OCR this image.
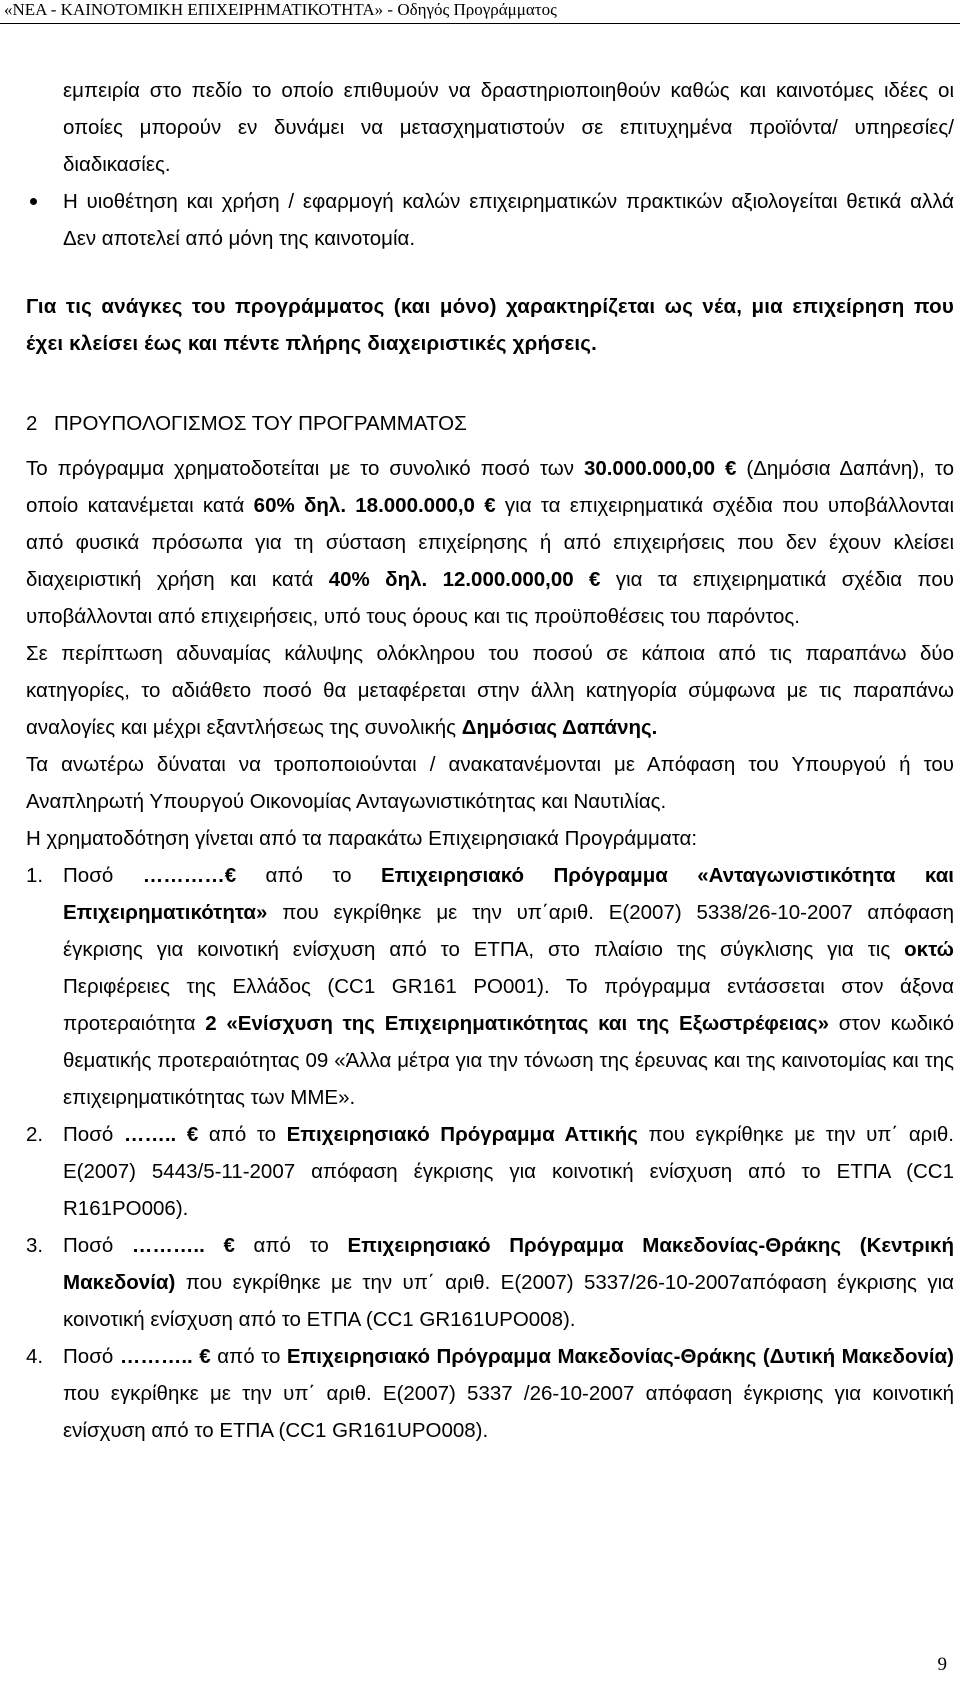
«ΝΕΑ - ΚΑΙΝΟΤΟΜΙΚΗ ΕΠΙΧΕΙΡΗΜΑΤΙΚΟΤΗΤΑ» - Οδηγός Προγράμματος

εμπειρία στο πεδίο το οποίο επιθυμούν να δραστηριοποιηθούν καθώς και καινοτόμες ιδέες οι οποίες μπορούν εν δυνάμει να μετασχηματιστούν σε επιτυχημένα προϊόντα/ υπηρεσίες/διαδικασίες.

Η υιοθέτηση και χρήση / εφαρμογή καλών επιχειρηματικών πρακτικών αξιολογείται θετικά αλλά Δεν αποτελεί από μόνη της καινοτομία.

Για τις ανάγκες του προγράμματος (και μόνο) χαρακτηρίζεται ως νέα, μια επιχείρηση που έχει κλείσει έως και πέντε πλήρης διαχειριστικές χρήσεις.

2 ΠΡΟΥΠΟΛΟΓΙΣΜΟΣ ΤΟΥ ΠΡΟΓΡΑΜΜΑΤΟΣ

Το πρόγραμμα χρηματοδοτείται με το συνολικό ποσό των 30.000.000,00 € (Δημόσια Δαπάνη), το οποίο κατανέμεται κατά 60% δηλ. 18.000.000,0 € για τα επιχειρηματικά σχέδια που υποβάλλονται από φυσικά πρόσωπα για τη σύσταση επιχείρησης ή από επιχειρήσεις που δεν έχουν κλείσει διαχειριστική χρήση και κατά 40% δηλ. 12.000.000,00 € για τα επιχειρηματικά σχέδια που υποβάλλονται από επιχειρήσεις, υπό τους όρους και τις προϋποθέσεις του παρόντος.

Σε περίπτωση αδυναμίας κάλυψης ολόκληρου του ποσού σε κάποια από τις παραπάνω δύο κατηγορίες, το αδιάθετο ποσό θα μεταφέρεται στην άλλη κατηγορία σύμφωνα με τις παραπάνω αναλογίες και μέχρι εξαντλήσεως της συνολικής Δημόσιας Δαπάνης.

Τα ανωτέρω δύναται να τροποποιούνται / ανακατανέμονται με Απόφαση του Υπουργού ή του Αναπληρωτή Υπουργού Οικονομίας Ανταγωνιστικότητας και Ναυτιλίας.

Η χρηματοδότηση γίνεται από τα παρακάτω Επιχειρησιακά Προγράμματα:

1. Ποσό …………€ από το Επιχειρησιακό Πρόγραμμα «Ανταγωνιστικότητα και Επιχειρηματικότητα» που εγκρίθηκε με την υπ΄αριθ. Ε(2007) 5338/26-10-2007 απόφαση έγκρισης για κοινοτική ενίσχυση από το ΕΤΠΑ, στο πλαίσιο της σύγκλισης για τις οκτώ Περιφέρειες της Ελλάδος (CC1 GR161 PO001). Το πρόγραμμα εντάσσεται στον άξονα προτεραιότητα 2 «Ενίσχυση της Επιχειρηματικότητας και της Εξωστρέφειας» στον κωδικό θεματικής προτεραιότητας 09 «Άλλα μέτρα για την τόνωση της έρευνας και της καινοτομίας και της επιχειρηματικότητας των ΜΜΕ».
2. Ποσό …….. € από το Επιχειρησιακό Πρόγραμμα Αττικής που εγκρίθηκε με την υπ΄ αριθ. Ε(2007) 5443/5-11-2007 απόφαση έγκρισης για κοινοτική ενίσχυση από το ΕΤΠΑ (CC1 R161PO006).
3. Ποσό ……….. € από το Επιχειρησιακό Πρόγραμμα Μακεδονίας-Θράκης (Κεντρική Μακεδονία) που εγκρίθηκε με την υπ΄ αριθ. Ε(2007) 5337/26-10-2007απόφαση έγκρισης για κοινοτική ενίσχυση από το ΕΤΠΑ (CC1 GR161UPO008).
4. Ποσό ……….. € από το Επιχειρησιακό Πρόγραμμα Μακεδονίας-Θράκης (Δυτική Μακεδονία) που εγκρίθηκε με την υπ΄ αριθ. Ε(2007) 5337 /26-10-2007 απόφαση έγκρισης για κοινοτική ενίσχυση από το ΕΤΠΑ (CC1 GR161UPO008).
9
